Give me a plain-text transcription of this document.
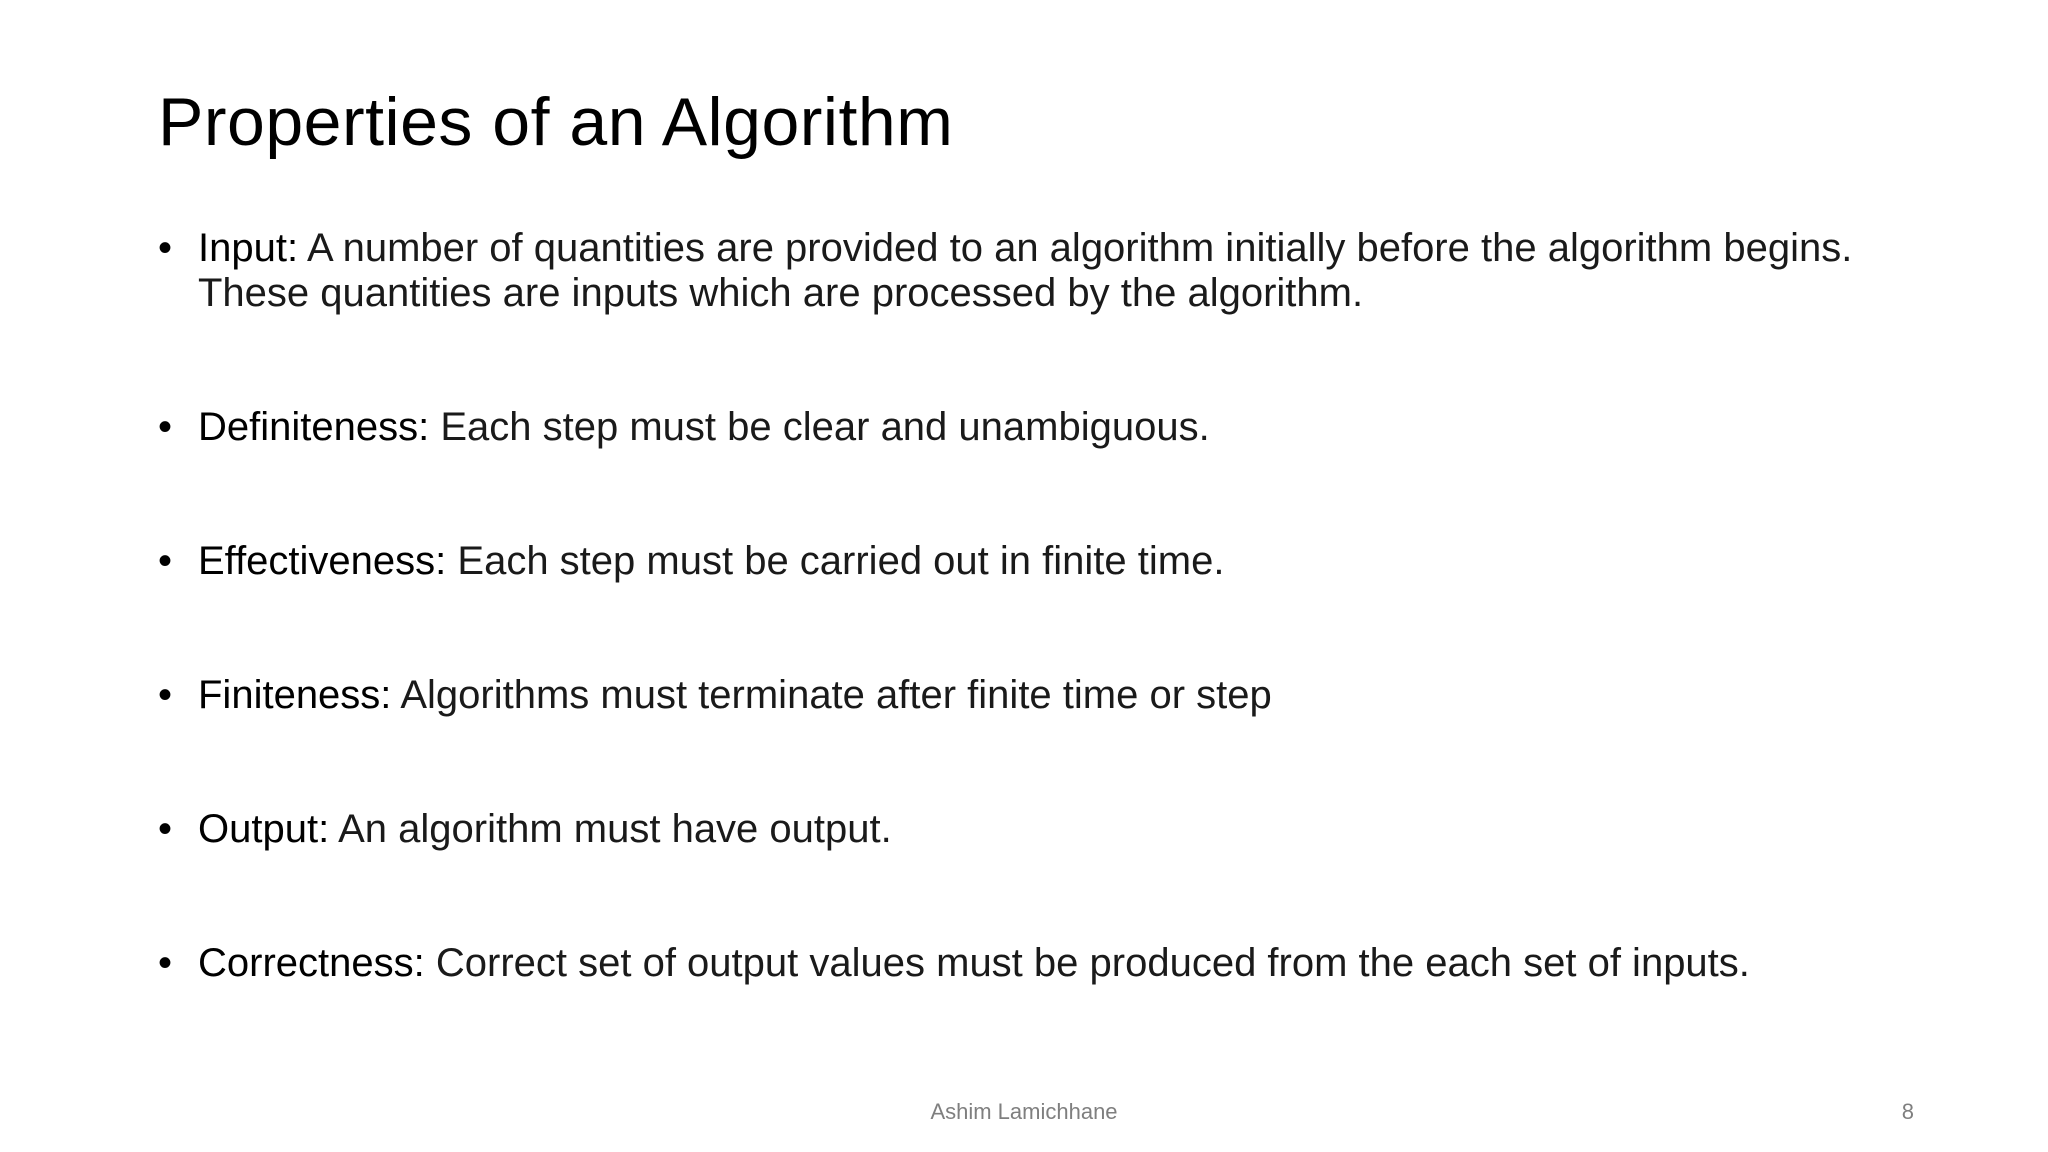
Properties of an Algorithm
• Input: A number of quantities are provided to an algorithm initially before the algorithm begins. These quantities are inputs which are processed by the algorithm.
• Definiteness: Each step must be clear and unambiguous.
• Effectiveness: Each step must be carried out in finite time.
• Finiteness: Algorithms must terminate after finite time or step
• Output: An algorithm must have output.
• Correctness: Correct set of output values must be produced from the each set of inputs.
Ashim Lamichhane	8
